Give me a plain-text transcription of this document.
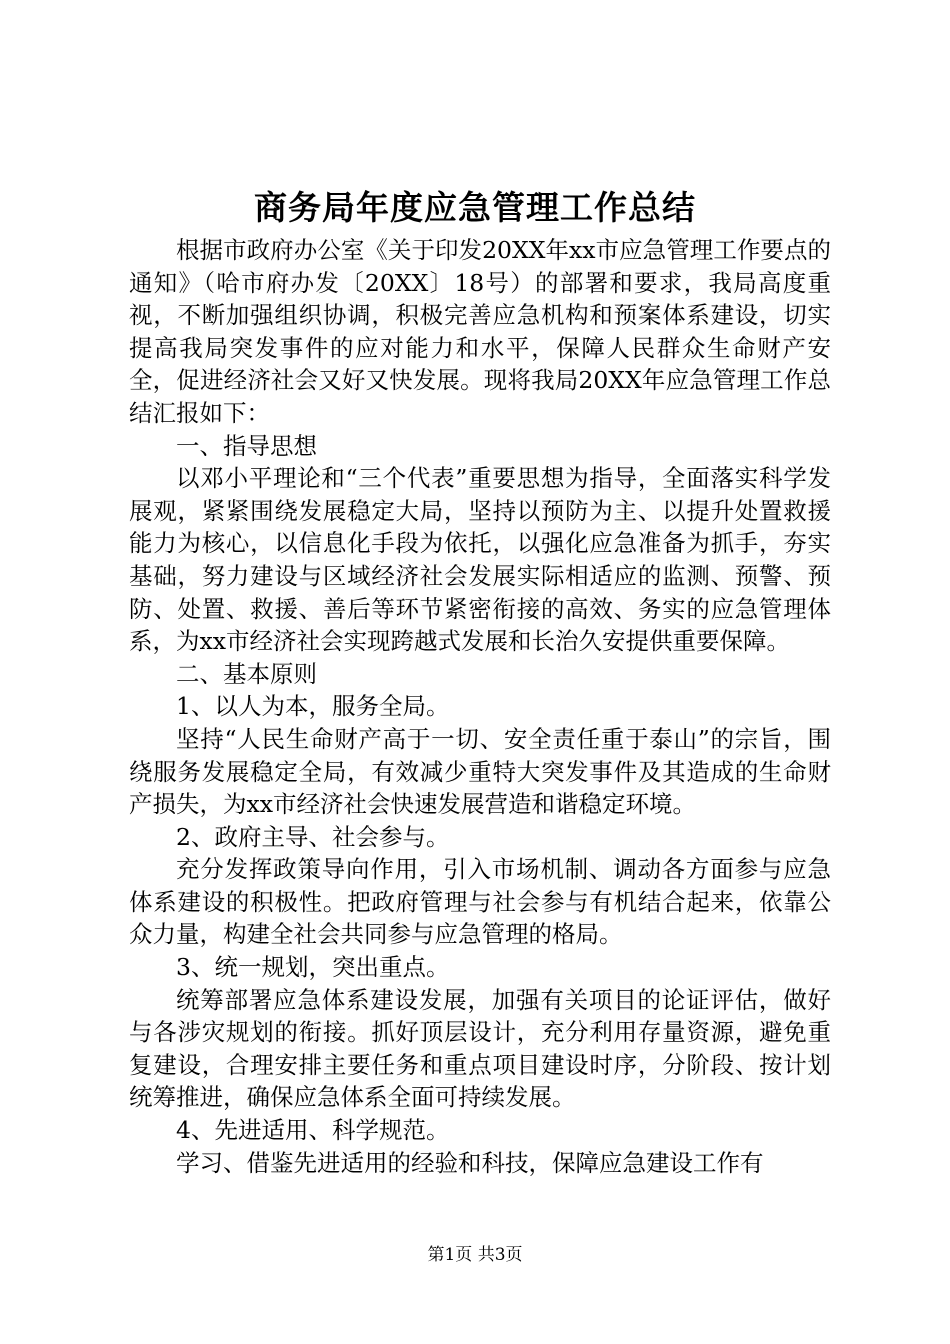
商务局年度应急管理工作总结

根据市政府办公室《关于印发20XX年xx市应急管理工作要点的通知》（哈市府办发〔20XX〕18号）的部署和要求，我局高度重视，不断加强组织协调，积极完善应急机构和预案体系建设，切实提高我局突发事件的应对能力和水平，保障人民群众生命财产安全，促进经济社会又好又快发展。现将我局20XX年应急管理工作总结汇报如下：

一、指导思想

以邓小平理论和“三个代表”重要思想为指导，全面落实科学发展观，紧紧围绕发展稳定大局，坚持以预防为主、以提升处置救援能力为核心，以信息化手段为依托，以强化应急准备为抓手，夯实基础，努力建设与区域经济社会发展实际相适应的监测、预警、预防、处置、救援、善后等环节紧密衔接的高效、务实的应急管理体系，为xx市经济社会实现跨越式发展和长治久安提供重要保障。

二、基本原则

1、以人为本，服务全局。

坚持“人民生命财产高于一切、安全责任重于泰山”的宗旨，围绕服务发展稳定全局，有效减少重特大突发事件及其造成的生命财产损失，为xx市经济社会快速发展营造和谐稳定环境。

2、政府主导、社会参与。

充分发挥政策导向作用，引入市场机制、调动各方面参与应急体系建设的积极性。把政府管理与社会参与有机结合起来，依靠公众力量，构建全社会共同参与应急管理的格局。

3、统一规划，突出重点。

统筹部署应急体系建设发展，加强有关项目的论证评估，做好与各涉灾规划的衔接。抓好顶层设计，充分利用存量资源，避免重复建设，合理安排主要任务和重点项目建设时序，分阶段、按计划统筹推进，确保应急体系全面可持续发展。

4、先进适用、科学规范。

学习、借鉴先进适用的经验和科技，保障应急建设工作有

第1页 共3页
